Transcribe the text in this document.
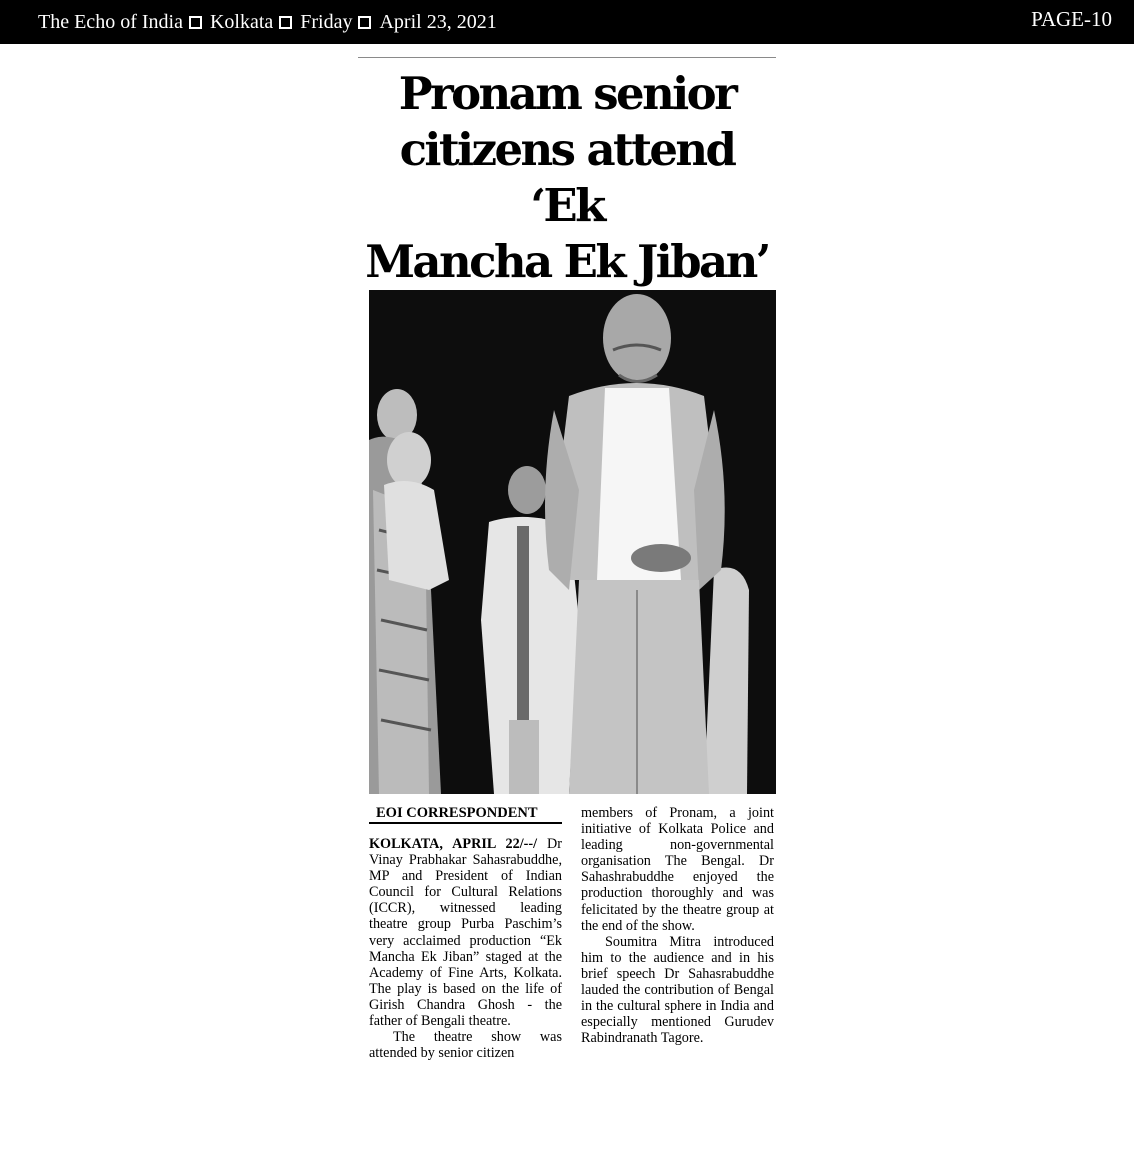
The Echo of India Kolkata Friday April 23, 2021	PAGE-10
Pronam senior
citizens attend ‘Ek
Mancha Ek Jiban’
EOI CORRESPONDENT

KOLKATA, APRIL 22/--/ Dr Vinay Prabhakar Sahasrabuddhe, MP and President of Indian Council for Cultural Relations (ICCR), witnessed leading theatre group Purba Paschim’s very acclaimed production “Ek Mancha Ek Jiban” staged at the Academy of Fine Arts, Kolkata. The play is based on the life of Girish Chandra Ghosh - the father of Bengali theatre.

The theatre show was attended by senior citizen

members of Pronam, a joint initiative of Kolkata Police and leading non-governmental organisation The Bengal. Dr Sahashrabuddhe enjoyed the production thoroughly and was felicitated by the theatre group at the end of the show.

Soumitra Mitra introduced him to the audience and in his brief speech Dr Sahasrabuddhe lauded the contribution of Bengal in the cultural sphere in India and especially mentioned Gurudev Rabindranath Tagore.
